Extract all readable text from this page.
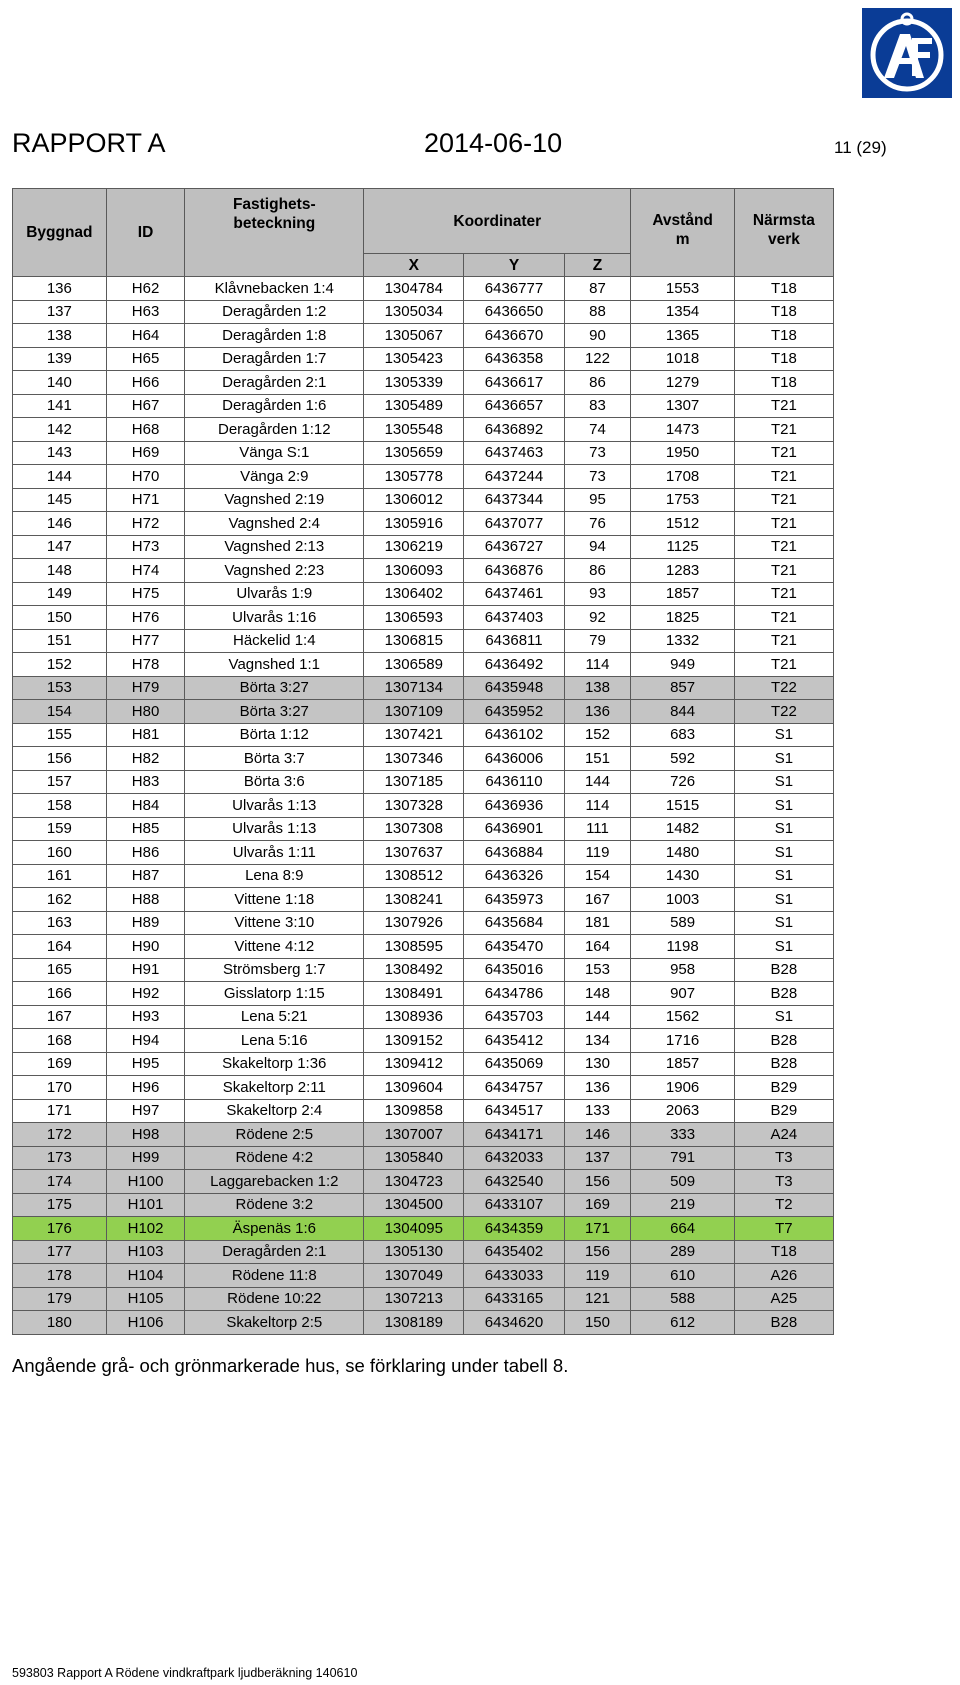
RAPPORT A	2014-06-10	11 (29)
Byggnad	ID	Fastighets-
beteckning	Koordinater			Avstånd
m	Närmsta
verk
			X	Y	Z		
136	H62	Klåvnebacken 1:4	1304784	6436777	87	1553	T18
137	H63	Deragården 1:2	1305034	6436650	88	1354	T18
138	H64	Deragården 1:8	1305067	6436670	90	1365	T18
139	H65	Deragården 1:7	1305423	6436358	122	1018	T18
140	H66	Deragården 2:1	1305339	6436617	86	1279	T18
141	H67	Deragården 1:6	1305489	6436657	83	1307	T21
142	H68	Deragården 1:12	1305548	6436892	74	1473	T21
143	H69	Vänga S:1	1305659	6437463	73	1950	T21
144	H70	Vänga 2:9	1305778	6437244	73	1708	T21
145	H71	Vagnshed 2:19	1306012	6437344	95	1753	T21
146	H72	Vagnshed 2:4	1305916	6437077	76	1512	T21
147	H73	Vagnshed 2:13	1306219	6436727	94	1125	T21
148	H74	Vagnshed 2:23	1306093	6436876	86	1283	T21
149	H75	Ulvarås 1:9	1306402	6437461	93	1857	T21
150	H76	Ulvarås 1:16	1306593	6437403	92	1825	T21
151	H77	Häckelid 1:4	1306815	6436811	79	1332	T21
152	H78	Vagnshed 1:1	1306589	6436492	114	949	T21
153	H79	Börta 3:27	1307134	6435948	138	857	T22
154	H80	Börta 3:27	1307109	6435952	136	844	T22
155	H81	Börta 1:12	1307421	6436102	152	683	S1
156	H82	Börta 3:7	1307346	6436006	151	592	S1
157	H83	Börta 3:6	1307185	6436110	144	726	S1
158	H84	Ulvarås 1:13	1307328	6436936	114	1515	S1
159	H85	Ulvarås 1:13	1307308	6436901	111	1482	S1
160	H86	Ulvarås 1:11	1307637	6436884	119	1480	S1
161	H87	Lena 8:9	1308512	6436326	154	1430	S1
162	H88	Vittene 1:18	1308241	6435973	167	1003	S1
163	H89	Vittene 3:10	1307926	6435684	181	589	S1
164	H90	Vittene 4:12	1308595	6435470	164	1198	S1
165	H91	Strömsberg 1:7	1308492	6435016	153	958	B28
166	H92	Gisslatorp 1:15	1308491	6434786	148	907	B28
167	H93	Lena 5:21	1308936	6435703	144	1562	S1
168	H94	Lena 5:16	1309152	6435412	134	1716	B28
169	H95	Skakeltorp 1:36	1309412	6435069	130	1857	B28
170	H96	Skakeltorp 2:11	1309604	6434757	136	1906	B29
171	H97	Skakeltorp 2:4	1309858	6434517	133	2063	B29
172	H98	Rödene 2:5	1307007	6434171	146	333	A24
173	H99	Rödene 4:2	1305840	6432033	137	791	T3
174	H100	Laggarebacken 1:2	1304723	6432540	156	509	T3
175	H101	Rödene 3:2	1304500	6433107	169	219	T2
176	H102	Äspenäs 1:6	1304095	6434359	171	664	T7
177	H103	Deragården 2:1	1305130	6435402	156	289	T18
178	H104	Rödene 11:8	1307049	6433033	119	610	A26
179	H105	Rödene 10:22	1307213	6433165	121	588	A25
180	H106	Skakeltorp 2:5	1308189	6434620	150	612	B28
Angående grå- och grönmarkerade hus, se förklaring under tabell 8.
593803 Rapport A Rödene vindkraftpark ljudberäkning 140610
